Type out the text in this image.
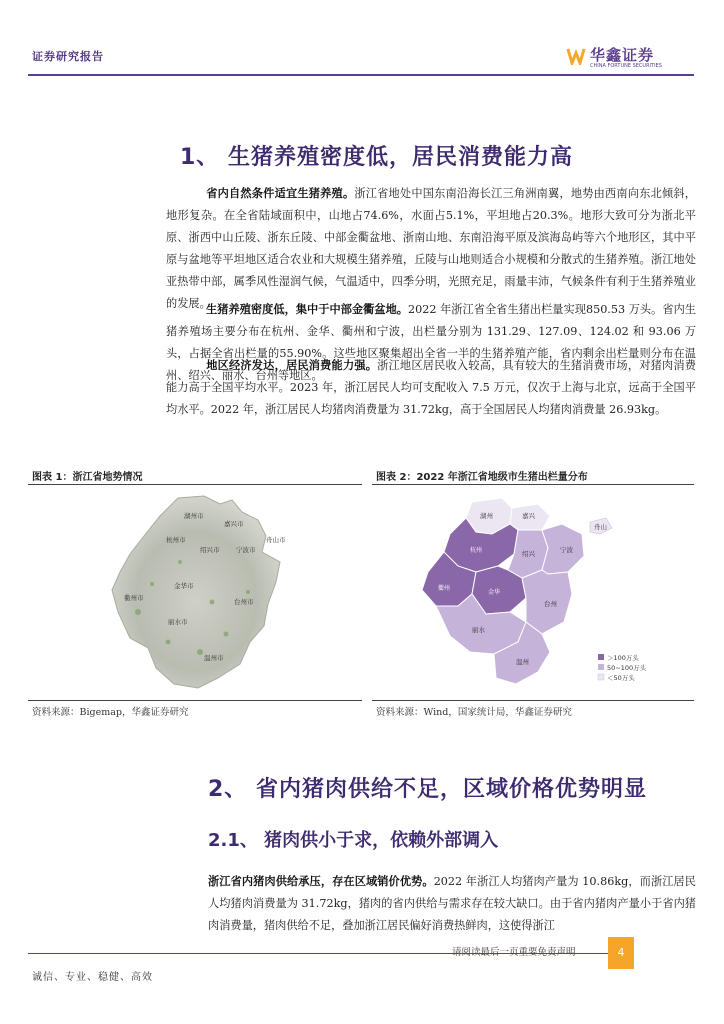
证券研究报告	华鑫证券
CHINA FORTUNE SECURITIES
1、 生猪养殖密度低，居民消费能力高
省内自然条件适宜生猪养殖。浙江省地处中国东南沿海长江三角洲南翼，地势由西南向东北倾斜，地形复杂。在全省陆域面积中，山地占74.6%，水面占5.1%，平坦地占20.3%。地形大致可分为浙北平原、浙西中山丘陵、浙东丘陵、中部金衢盆地、浙南山地、东南沿海平原及滨海岛屿等六个地形区，其中平原与盆地等平坦地区适合农业和大规模生猪养殖，丘陵与山地则适合小规模和分散式的生猪养殖。浙江地处亚热带中部，属季风性湿润气候，气温适中，四季分明，光照充足，雨量丰沛，气候条件有利于生猪养殖业的发展。
生猪养殖密度低，集中于中部金衢盆地。2022 年浙江省全省生猪出栏量实现850.53 万头。省内生猪养殖场主要分布在杭州、金华、衢州和宁波，出栏量分别为 131.29、127.09、124.02 和 93.06 万头，占据全省出栏量的55.90%。这些地区聚集超出全省一半的生猪养殖产能，省内剩余出栏量则分布在温州、绍兴、丽水、台州等地区。
地区经济发达，居民消费能力强。浙江地区居民收入较高，具有较大的生猪消费市场，对猪肉消费能力高于全国平均水平。2023 年，浙江居民人均可支配收入 7.5 万元，仅次于上海与北京，远高于全国平均水平。2022 年，浙江居民人均猪肉消费量为 31.72kg，高于全国居民人均猪肉消费量 26.93kg。
图表 1：浙江省地势情况
湖州市
嘉兴市
杭州市
绍兴市	宁波市
舟山市
金华市
衢州市	台州市
丽水市
温州市
资料来源：Bigemap，华鑫证券研究
图表 2：2022 年浙江省地级市生猪出栏量分布
湖州	嘉兴
杭州	绍兴	宁波
舟山
衢州
金华
台州
丽水
温州	＞100万头
50~100万头
＜50万头
资料来源：Wind，国家统计局，华鑫证券研究
2、 省内猪肉供给不足，区域价格优势明显
2.1、 猪肉供小于求，依赖外部调入
浙江省内猪肉供给承压，存在区域销价优势。2022 年浙江人均猪肉产量为 10.86kg，而浙江居民人均猪肉消费量为 31.72kg，猪肉的省内供给与需求存在较大缺口。由于省内猪肉产量小于省内猪肉消费量，猪肉供给不足，叠加浙江居民偏好消费热鲜肉，这使得浙江
4
诚信、专业、稳健、高效
